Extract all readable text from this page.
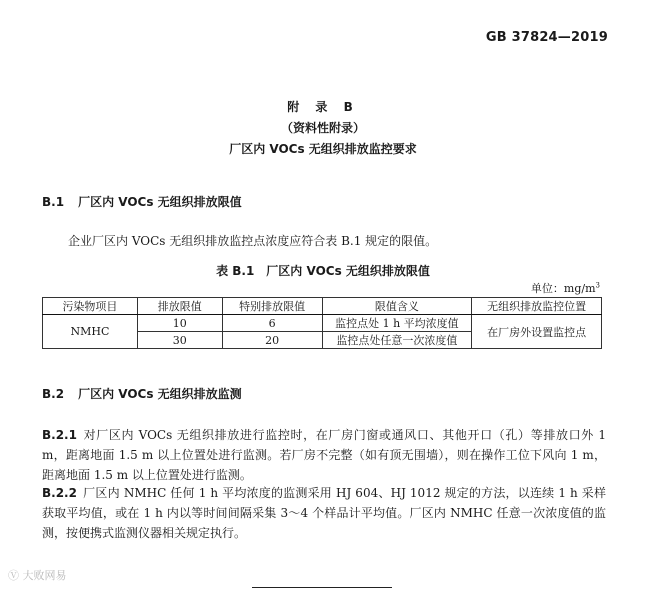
GB 37824—2019
附 录 B
（资料性附录）
厂区内 VOCs 无组织排放监控要求
B.1 厂区内 VOCs 无组织排放限值
企业厂区内 VOCs 无组织排放监控点浓度应符合表 B.1 规定的限值。
表 B.1　厂区内 VOCs 无组织排放限值
单位：$mg/m^3$
污染物项目	排放限值	特别排放限值	限值含义	无组织排放监控位置
NMHC	10	6	监控点处 1 h 平均浓度值	在厂房外设置监控点
	30	20	监控点处任意一次浓度值	
B.2 厂区内 VOCs 无组织排放监测
B.2.1 对厂区内 VOCs 无组织排放进行监控时，在厂房门窗或通风口、其他开口（孔）等排放口外 1 m，距离地面 1.5 m 以上位置处进行监测。若厂房不完整（如有顶无围墙），则在操作工位下风向 1 m，距离地面 1.5 m 以上位置处进行监测。
B.2.2 厂区内 NMHC 任何 1 h 平均浓度的监测采用 HJ 604、HJ 1012 规定的方法，以连续 1 h 采样获取平均值，或在 1 h 内以等时间间隔采集 3～4 个样品计平均值。厂区内 NMHC 任意一次浓度值的监测，按便携式监测仪器相关规定执行。
Ⓥ 大败网易
